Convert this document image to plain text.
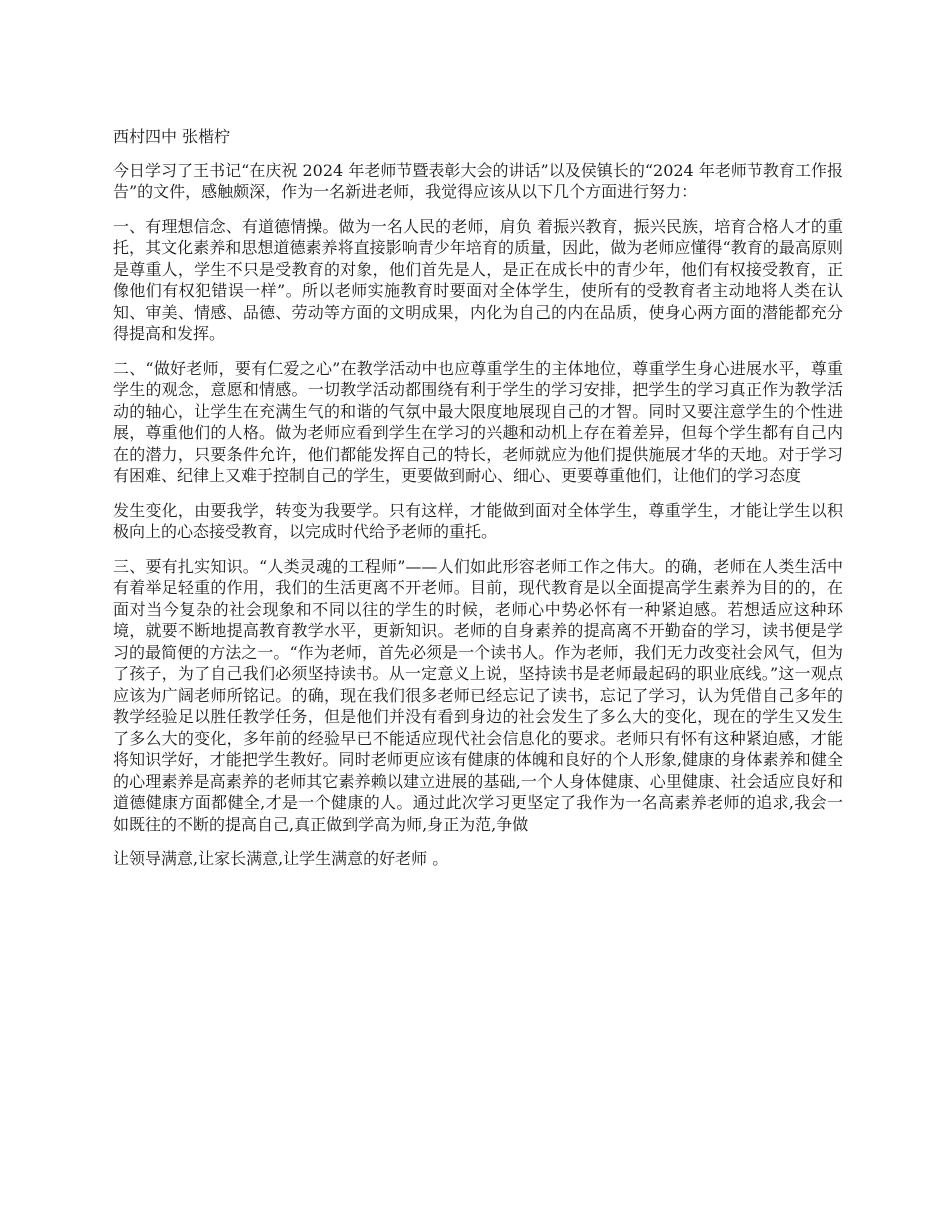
西村四中 张楷柠

今日学习了王书记“在庆祝 2024 年老师节暨表彰大会的讲话”以及侯镇长的“2024 年老师节教育工作报告”的文件，感触颇深，作为一名新进老师，我觉得应该从以下几个方面进行努力：

一、有理想信念、有道德情操。做为一名人民的老师，肩负 着振兴教育，振兴民族，培育合格人才的重托，其文化素养和思想道德素养将直接影响青少年培育的质量，因此，做为老师应懂得“教育的最高原则是尊重人，学生不只是受教育的对象，他们首先是人，是正在成长中的青少年，他们有权接受教育，正像他们有权犯错误一样”。所以老师实施教育时要面对全体学生，使所有的受教育者主动地将人类在认知、审美、情感、品德、劳动等方面的文明成果，内化为自己的内在品质，使身心两方面的潜能都充分得提高和发挥。

二、“做好老师，要有仁爱之心”在教学活动中也应尊重学生的主体地位，尊重学生身心进展水平，尊重学生的观念，意愿和情感。一切教学活动都围绕有利于学生的学习安排，把学生的学习真正作为教学活动的轴心，让学生在充满生气的和谐的气氛中最大限度地展现自己的才智。同时又要注意学生的个性进展，尊重他们的人格。做为老师应看到学生在学习的兴趣和动机上存在着差异，但每个学生都有自己内在的潜力，只要条件允许，他们都能发挥自己的特长，老师就应为他们提供施展才华的天地。对于学习有困难、纪律上又难于控制自己的学生，更要做到耐心、细心、更要尊重他们，让他们的学习态度

发生变化，由要我学，转变为我要学。只有这样，才能做到面对全体学生，尊重学生，才能让学生以积极向上的心态接受教育，以完成时代给予老师的重托。

三、要有扎实知识。“人类灵魂的工程师”——人们如此形容老师工作之伟大。的确，老师在人类生活中有着举足轻重的作用，我们的生活更离不开老师。目前，现代教育是以全面提高学生素养为目的的，在面对当今复杂的社会现象和不同以往的学生的时候，老师心中势必怀有一种紧迫感。若想适应这种环境，就要不断地提高教育教学水平，更新知识。老师的自身素养的提高离不开勤奋的学习，读书便是学习的最简便的方法之一。“作为老师，首先必须是一个读书人。作为老师，我们无力改变社会风气，但为了孩子，为了自己我们必须坚持读书。从一定意义上说，坚持读书是老师最起码的职业底线。”这一观点应该为广阔老师所铭记。的确，现在我们很多老师已经忘记了读书，忘记了学习，认为凭借自己多年的教学经验足以胜任教学任务，但是他们并没有看到身边的社会发生了多么大的变化，现在的学生又发生了多么大的变化，多年前的经验早已不能适应现代社会信息化的要求。老师只有怀有这种紧迫感，才能将知识学好，才能把学生教好。同时老师更应该有健康的体魄和良好的个人形象,健康的身体素养和健全的心理素养是高素养的老师其它素养赖以建立进展的基础,一个人身体健康、心里健康、社会适应良好和道德健康方面都健全,才是一个健康的人。通过此次学习更坚定了我作为一名高素养老师的追求,我会一如既往的不断的提高自己,真正做到学高为师,身正为范,争做

让领导满意,让家长满意,让学生满意的好老师 。
